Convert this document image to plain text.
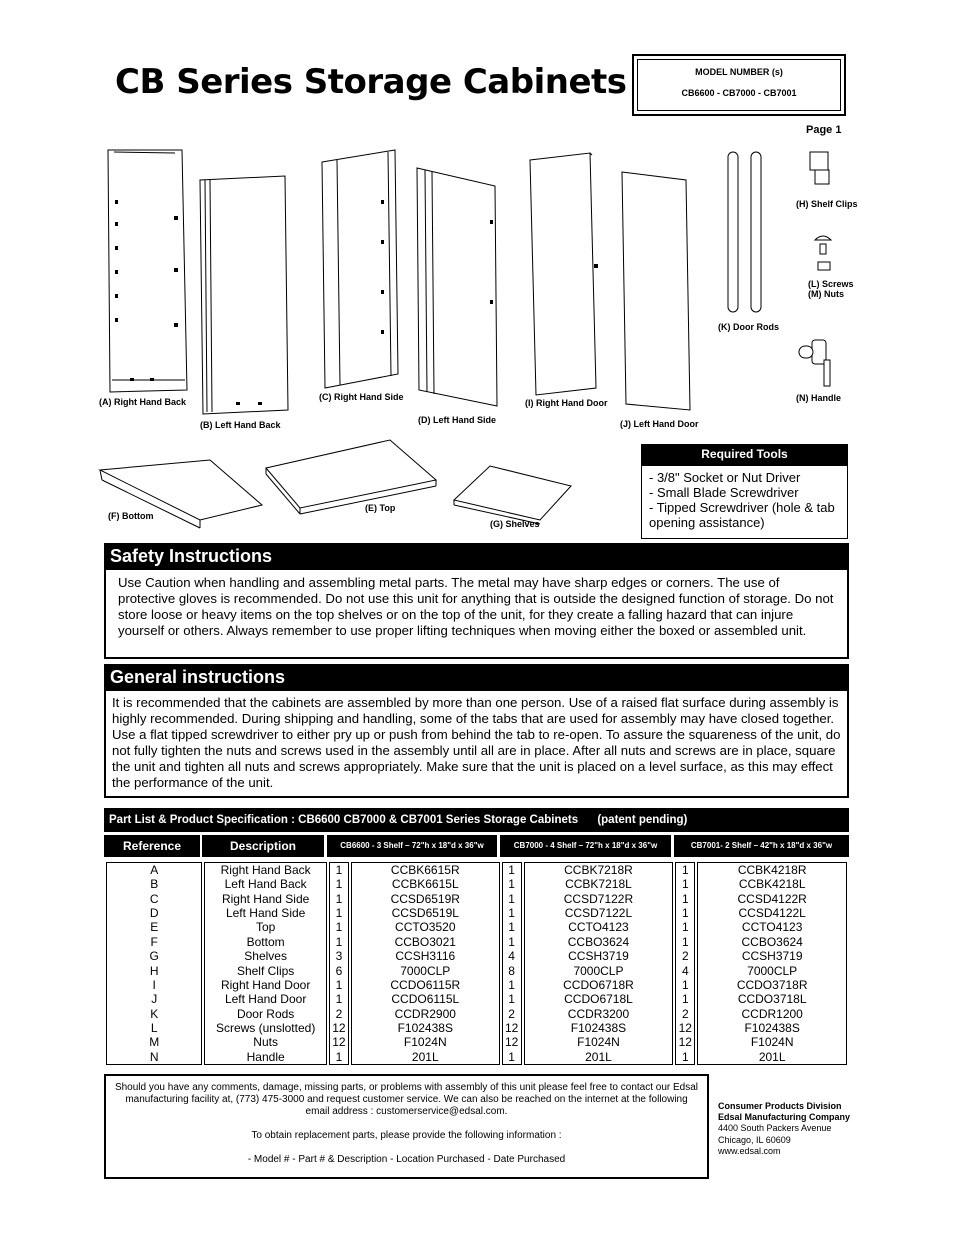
CB Series Storage Cabinets	MODEL NUMBER (s)
CB6600 - CB7000 - CB7001
Page 1
(A) Right Hand Back
(B) Left Hand Back
(C) Right Hand Side
(D) Left Hand Side
(I) Right Hand Door
(J) Left Hand Door
(K) Door Rods
(H) Shelf Clips
(L) Screws
(M) Nuts
(N) Handle
(F) Bottom
(E) Top
(G) Shelves
Required Tools
- 3/8" Socket or Nut Driver
- Small Blade Screwdriver
- Tipped Screwdriver (hole & tab opening assistance)
Safety Instructions
Use Caution when handling and assembling metal parts. The metal may have sharp edges or corners. The use of protective gloves is recommended. Do not use this unit for anything that is outside the designed function of storage. Do not store loose or heavy items on the top shelves or on the top of the unit, for they create a falling hazard that can injure yourself or others. Always remember to use proper lifting techniques when moving either the boxed or assembled unit.
General instructions
It is recommended that the cabinets are assembled by more than one person. Use of a raised flat surface during assembly is highly recommended. During shipping and handling, some of the tabs that are used for assembly may have closed together. Use a flat tipped screwdriver to either pry up or push from behind the tab to re-open. To assure the squareness of the unit, do not fully tighten the nuts and screws used in the assembly until all are in place. After all nuts and screws are in place, square the unit and tighten all nuts and screws appropriately. Make sure that the unit is placed on a level surface, as this may effect the performance of the unit.
Part List & Product Specification : CB6600 CB7000 & CB7001 Series Storage Cabinets (patent pending)
Reference	Description	CB6600 - 3 Shelf – 72"h x 18"d x 36"w	CB7000 - 4 Shelf – 72"h x 18"d x 36"w	CB7001- 2 Shelf – 42"h x 18"d x 36"w
A	Right Hand Back	1	CCBK6615R	1	CCBK7218R	1	CCBK4218R
B	Left Hand Back	1	CCBK6615L	1	CCBK7218L	1	CCBK4218L
C	Right Hand Side	1	CCSD6519R	1	CCSD7122R	1	CCSD4122R
D	Left Hand Side	1	CCSD6519L	1	CCSD7122L	1	CCSD4122L
E	Top	1	CCTO3520	1	CCTO4123	1	CCTO4123
F	Bottom	1	CCBO3021	1	CCBO3624	1	CCBO3624
G	Shelves	3	CCSH3116	4	CCSH3719	2	CCSH3719
H	Shelf Clips	6	7000CLP	8	7000CLP	4	7000CLP
I	Right Hand Door	1	CCDO6115R	1	CCDO6718R	1	CCDO3718R
J	Left Hand Door	1	CCDO6115L	1	CCDO6718L	1	CCDO3718L
K	Door Rods	2	CCDR2900	2	CCDR3200	2	CCDR1200
L	Screws (unslotted)	12	F102438S	12	F102438S	12	F102438S
M	Nuts	12	F1024N	12	F1024N	12	F1024N
N	Handle	1	201L	1	201L	1	201L

Should you have any comments, damage, missing parts, or problems with assembly of this unit please feel free to contact our Edsal manufacturing facility at, (773) 475-3000 and request customer service. We can also be reached on the internet at the following email address : customerservice@edsal.com.

To obtain replacement parts, please provide the following information :

- Model # - Part # & Description - Location Purchased - Date Purchased

Consumer Products Division
Edsal Manufacturing Company
4400 South Packers Avenue
Chicago, IL 60609
www.edsal.com
